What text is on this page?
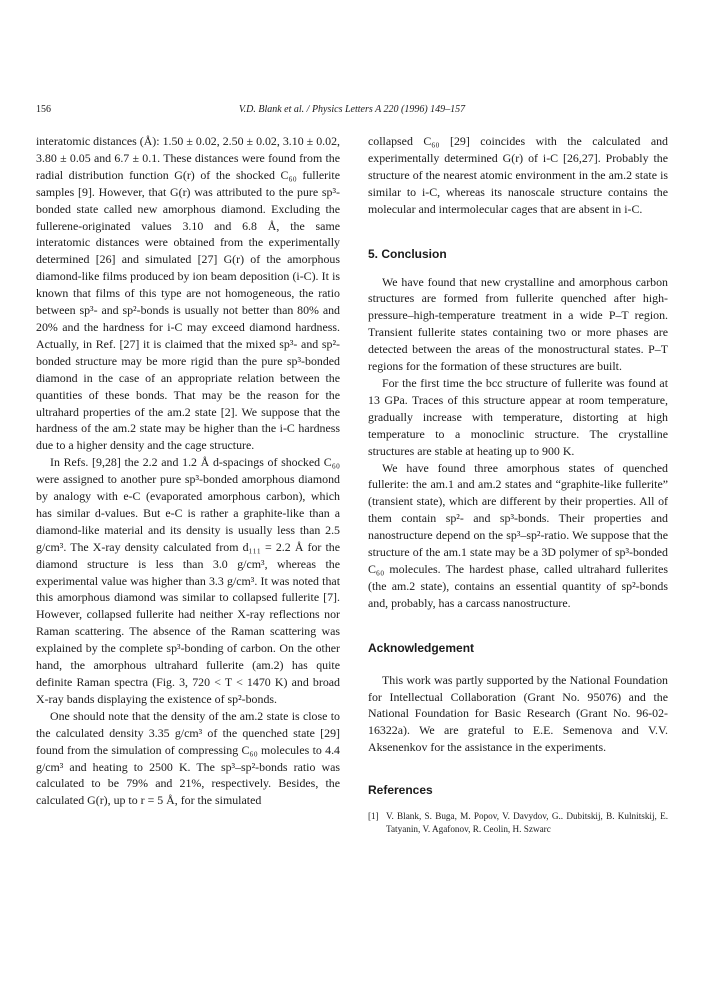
V.D. Blank et al. / Physics Letters A 220 (1996) 149–157
156

interatomic distances (Å): 1.50 ± 0.02, 2.50 ± 0.02, 3.10 ± 0.02, 3.80 ± 0.05 and 6.7 ± 0.1. These distances were found from the radial distribution function G(r) of the shocked C₆₀ fullerite samples [9]. However, that G(r) was attributed to the pure sp³-bonded state called new amorphous diamond. Excluding the fullerene-originated values 3.10 and 6.8 Å, the same interatomic distances were obtained from the experimentally determined [26] and simulated [27] G(r) of the amorphous diamond-like films produced by ion beam deposition (i-C). It is known that films of this type are not homogeneous, the ratio between sp³- and sp²-bonds is usually not better than 80% and 20% and the hardness for i-C may exceed diamond hardness. Actually, in Ref. [27] it is claimed that the mixed sp³- and sp²-bonded structure may be more rigid than the pure sp³-bonded diamond in the case of an appropriate relation between the quantities of these bonds. That may be the reason for the ultrahard properties of the am.2 state [2]. We suppose that the hardness of the am.2 state may be higher than the i-C hardness due to a higher density and the cage structure.

In Refs. [9,28] the 2.2 and 1.2 Å d-spacings of shocked C₆₀ were assigned to another pure sp³-bonded amorphous diamond by analogy with e-C (evaporated amorphous carbon), which has similar d-values. But e-C is rather a graphite-like than a diamond-like material and its density is usually less than 2.5 g/cm³. The X-ray density calculated from d₁₁₁ = 2.2 Å for the diamond structure is less than 3.0 g/cm³, whereas the experimental value was higher than 3.3 g/cm³. It was noted that this amorphous diamond was similar to collapsed fullerite [7]. However, collapsed fullerite had neither X-ray reflections nor Raman scattering. The absence of the Raman scattering was explained by the complete sp³-bonding of carbon. On the other hand, the amorphous ultrahard fullerite (am.2) has quite definite Raman spectra (Fig. 3, 720 < T < 1470 K) and broad X-ray bands displaying the existence of sp²-bonds.

One should note that the density of the am.2 state is close to the calculated density 3.35 g/cm³ of the quenched state [29] found from the simulation of compressing C₆₀ molecules to 4.4 g/cm³ and heating to 2500 K. The sp³–sp²-bonds ratio was calculated to be 79% and 21%, respectively. Besides, the calculated G(r), up to r = 5 Å, for the simulated

collapsed C₆₀ [29] coincides with the calculated and experimentally determined G(r) of i-C [26,27]. Probably the structure of the nearest atomic environment in the am.2 state is similar to i-C, whereas its nanoscale structure contains the molecular and intermolecular cages that are absent in i-C.

5. Conclusion

We have found that new crystalline and amorphous carbon structures are formed from fullerite quenched after high-pressure–high-temperature treatment in a wide P–T region. Transient fullerite states containing two or more phases are detected between the areas of the monostructural states. P–T regions for the formation of these structures are built.

For the first time the bcc structure of fullerite was found at 13 GPa. Traces of this structure appear at room temperature, gradually increase with temperature, distorting at high temperature to a monoclinic structure. The crystalline structures are stable at heating up to 900 K.

We have found three amorphous states of quenched fullerite: the am.1 and am.2 states and “graphite-like fullerite” (transient state), which are different by their properties. All of them contain sp²- and sp³-bonds. Their properties and nanostructure depend on the sp³–sp²-ratio. We suppose that the structure of the am.1 state may be a 3D polymer of sp³-bonded C₆₀ molecules. The hardest phase, called ultrahard fullerites (the am.2 state), contains an essential quantity of sp²-bonds and, probably, has a carcass nanostructure.

Acknowledgement

This work was partly supported by the National Foundation for Intellectual Collaboration (Grant No. 95076) and the National Foundation for Basic Research (Grant No. 96-02-16322a). We are grateful to E.E. Semenova and V.V. Aksenenkov for the assistance in the experiments.

References
[1] V. Blank, S. Buga, M. Popov, V. Davydov, G.. Dubitskij, B. Kulnitskij, E. Tatyanin, V. Agafonov, R. Ceolin, H. Szwarc
